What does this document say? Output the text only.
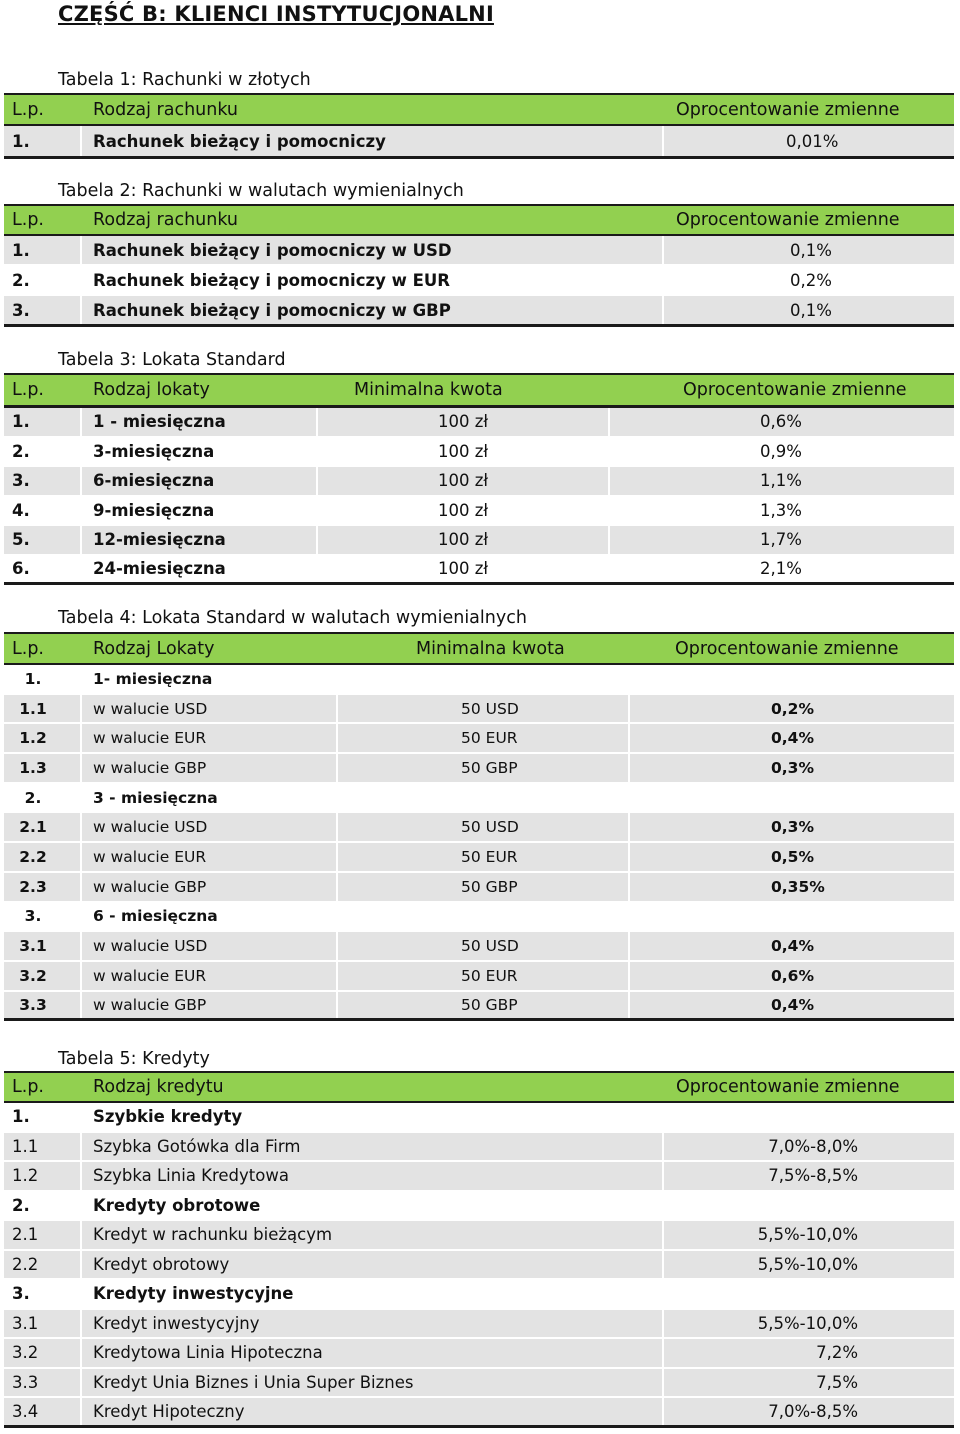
CZĘŚĆ B: KLIENCI INSTYTUCJONALNI
Tabela 1: Rachunki w złotych
L.p.	Rodzaj rachunku	Oprocentowanie zmienne
1.	Rachunek bieżący i pomocniczy	0,01%
Tabela 2: Rachunki w walutach wymienialnych
L.p.	Rodzaj rachunku	Oprocentowanie zmienne
1.	Rachunek bieżący i pomocniczy w USD	0,1%
2.	Rachunek bieżący i pomocniczy w EUR	0,2%
3.	Rachunek bieżący i pomocniczy w GBP	0,1%
Tabela 3: Lokata Standard
L.p.	Rodzaj lokaty	Minimalna kwota	Oprocentowanie zmienne
1.	1 - miesięczna	100 zł	0,6%
2.	3-miesięczna	100 zł	0,9%
3.	6-miesięczna	100 zł	1,1%
4.	9-miesięczna	100 zł	1,3%
5.	12-miesięczna	100 zł	1,7%
6.	24-miesięczna	100 zł	2,1%
Tabela 4: Lokata Standard w walutach wymienialnych
L.p.	Rodzaj Lokaty	Minimalna kwota	Oprocentowanie zmienne
1.	1- miesięczna
1.1	w walucie USD	50 USD	0,2%
1.2	w walucie EUR	50 EUR	0,4%
1.3	w walucie GBP	50 GBP	0,3%
2.	3 - miesięczna
2.1	w walucie USD	50 USD	0,3%
2.2	w walucie EUR	50 EUR	0,5%
2.3	w walucie GBP	50 GBP	0,35%
3.	6 - miesięczna
3.1	w walucie USD	50 USD	0,4%
3.2	w walucie EUR	50 EUR	0,6%
3.3	w walucie GBP	50 GBP	0,4%
Tabela 5: Kredyty
L.p.	Rodzaj kredytu	Oprocentowanie zmienne
1.	Szybkie kredyty
1.1	Szybka Gotówka dla Firm	7,0%-8,0%
1.2	Szybka Linia Kredytowa	7,5%-8,5%
2.	Kredyty obrotowe
2.1	Kredyt w rachunku bieżącym	5,5%-10,0%
2.2	Kredyt obrotowy	5,5%-10,0%
3.	Kredyty inwestycyjne
3.1	Kredyt inwestycyjny	5,5%-10,0%
3.2	Kredytowa Linia Hipoteczna	7,2%
3.3	Kredyt Unia Biznes i Unia Super Biznes	7,5%
3.4	Kredyt Hipoteczny	7,0%-8,5%
